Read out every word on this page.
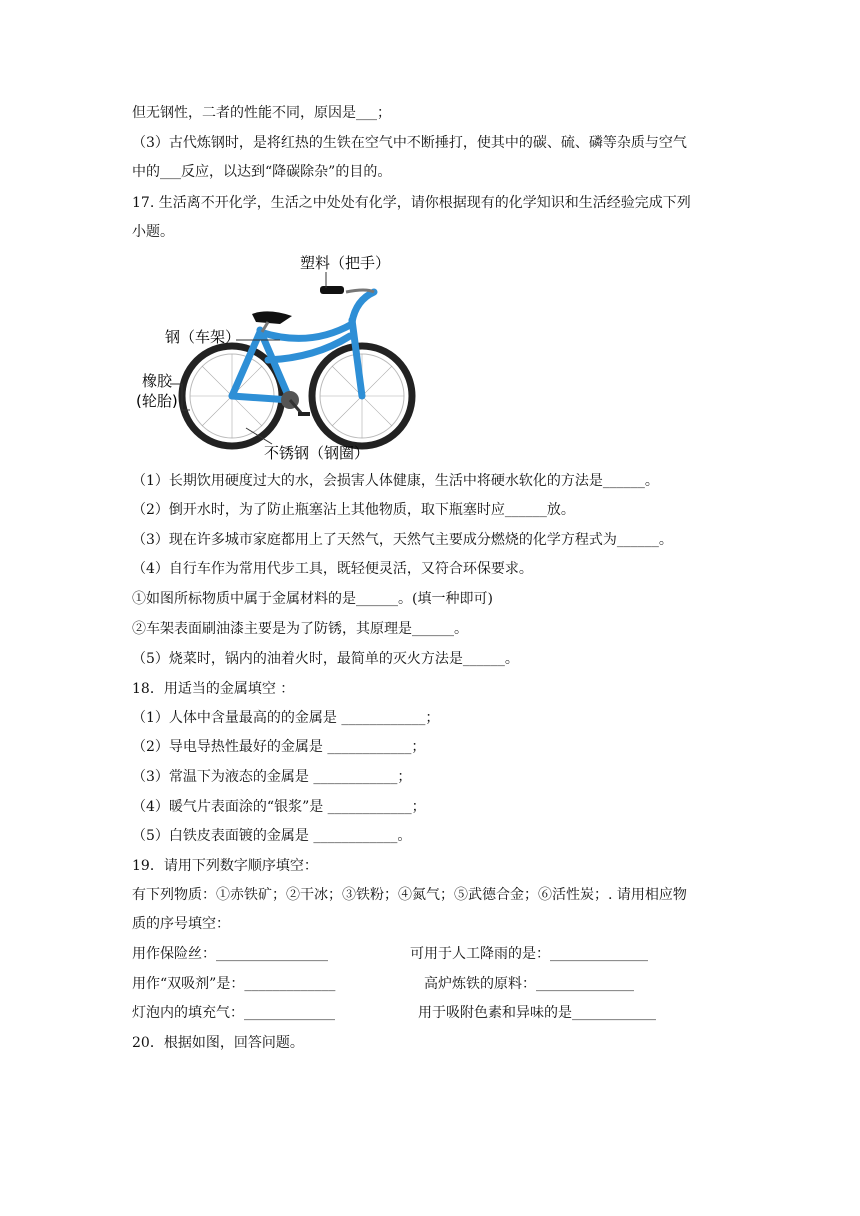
但无钢性，二者的性能不同，原因是___；
（3）古代炼钢时，是将红热的生铁在空气中不断捶打，使其中的碳、硫、磷等杂质与空气
中的___反应，以达到“降碳除杂”的目的。
17. 生活离不开化学，生活之中处处有化学，请你根据现有的化学知识和生活经验完成下列
小题。
塑料（把手）
钢（车架）
橡胶
(轮胎)
不锈钢（钢圈）
（1）长期饮用硬度过大的水，会损害人体健康，生活中将硬水软化的方法是______。
（2）倒开水时，为了防止瓶塞沾上其他物质，取下瓶塞时应______放。
（3）现在许多城市家庭都用上了天然气，天然气主要成分燃烧的化学方程式为______。
（4）自行车作为常用代步工具，既轻便灵活，又符合环保要求。
①如图所标物质中属于金属材料的是______。(填一种即可)
②车架表面刷油漆主要是为了防锈，其原理是______。
（5）烧菜时，锅内的油着火时，最简单的灭火方法是______。
18．用适当的金属填空 ：
（1）人体中含量最高的的金属是 ____________；
（2）导电导热性最好的金属是 ____________；
（3）常温下为液态的金属是 ____________；
（4）暖气片表面涂的“银浆”是 ____________；
（5）白铁皮表面镀的金属是 ____________。
19．请用下列数字顺序填空：
有下列物质：①赤铁矿；②干冰；③铁粉；④氮气；⑤武德合金；⑥活性炭；. 请用相应物
质的序号填空：
用作保险丝：________________	可用于人工降雨的是：______________
用作“双吸剂”是：_____________	高炉炼铁的原料：______________
灯泡内的填充气：_____________	用于吸附色素和异味的是____________
20．根据如图，回答问题。
